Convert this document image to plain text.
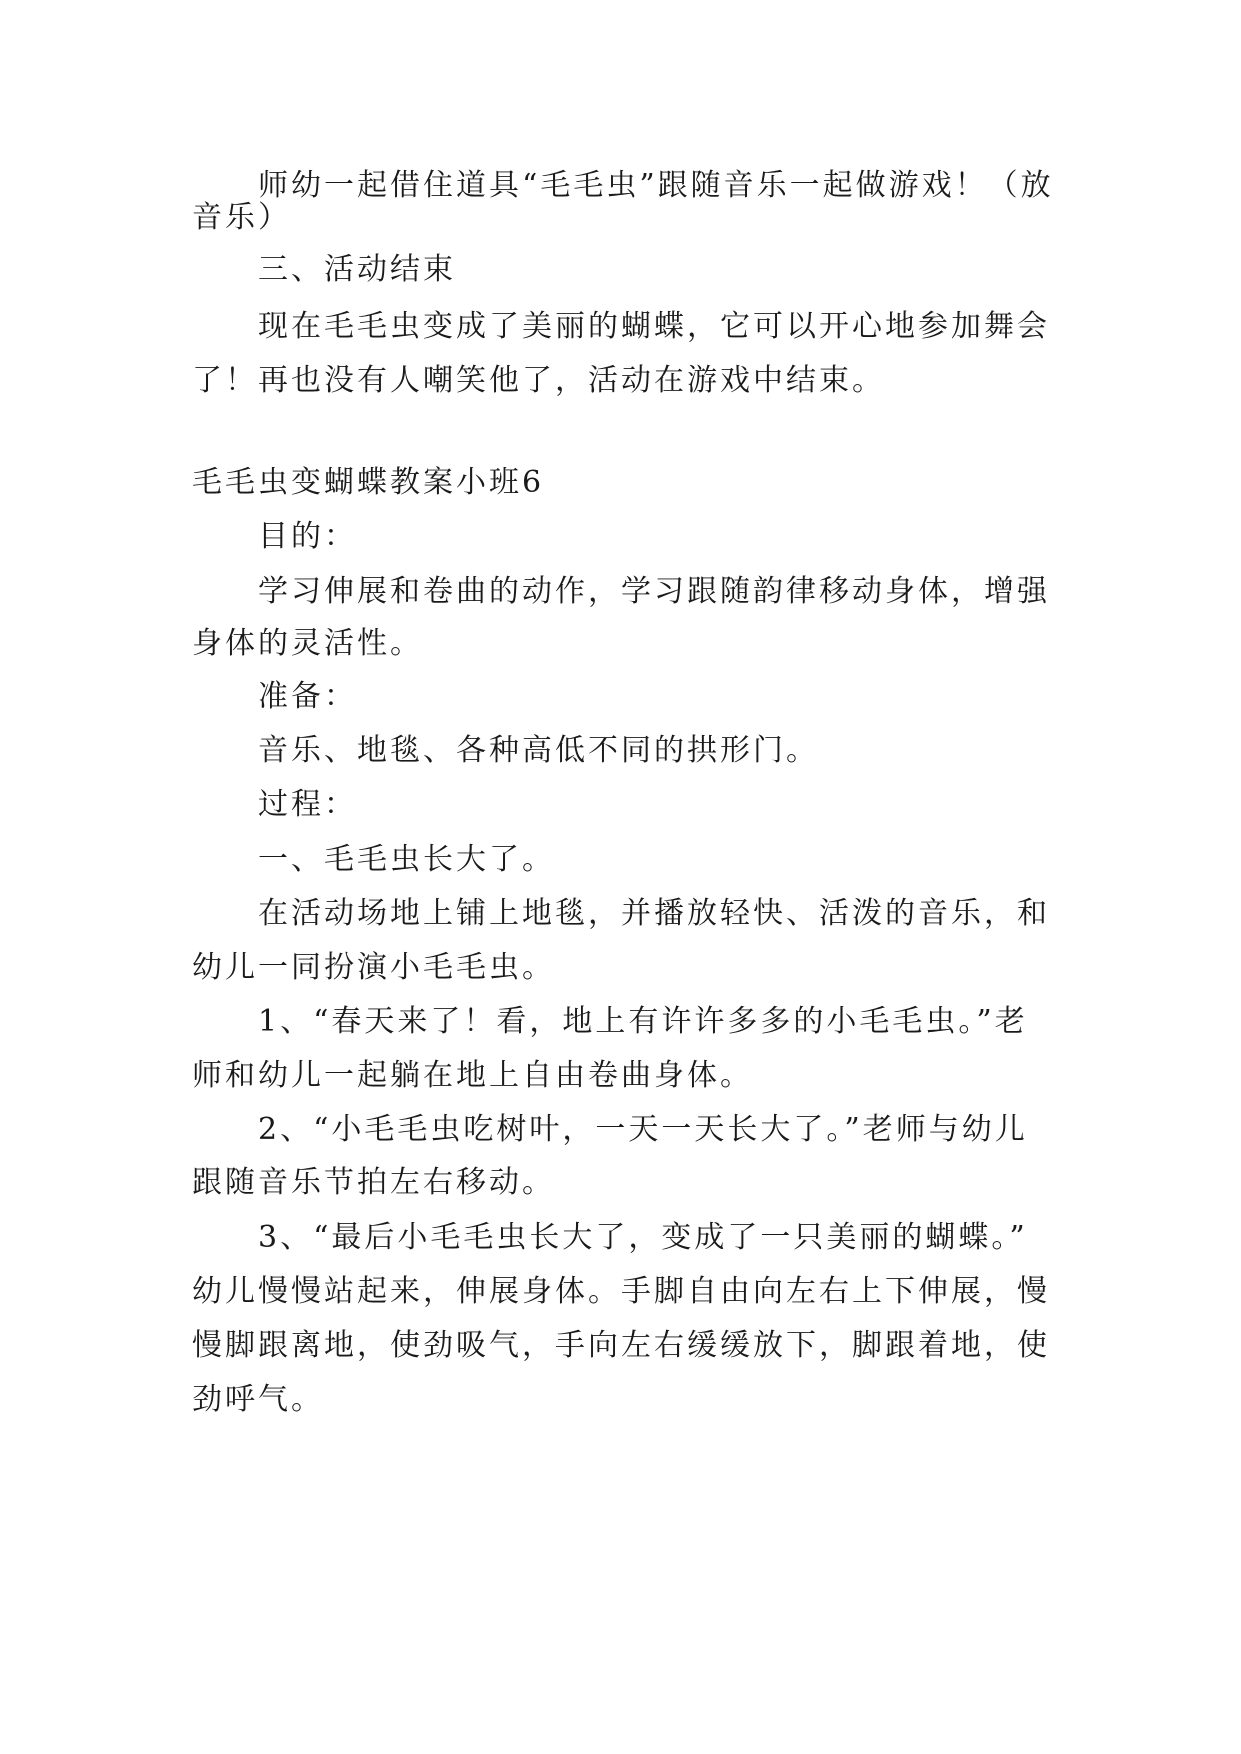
师幼一起借住道具“毛毛虫”跟随音乐一起做游戏！（放
音乐）
三、活动结束
现在毛毛虫变成了美丽的蝴蝶，它可以开心地参加舞会
了！再也没有人嘲笑他了，活动在游戏中结束。
毛毛虫变蝴蝶教案小班6
目的：
学习伸展和卷曲的动作，学习跟随韵律移动身体，增强
身体的灵活性。
准备：
音乐、地毯、各种高低不同的拱形门。
过程：
一、毛毛虫长大了。
在活动场地上铺上地毯，并播放轻快、活泼的音乐，和
幼儿一同扮演小毛毛虫。
1、“春天来了！看，地上有许许多多的小毛毛虫。”老
师和幼儿一起躺在地上自由卷曲身体。
2、“小毛毛虫吃树叶，一天一天长大了。”老师与幼儿
跟随音乐节拍左右移动。
3、“最后小毛毛虫长大了，变成了一只美丽的蝴蝶。”
幼儿慢慢站起来，伸展身体。手脚自由向左右上下伸展，慢
慢脚跟离地，使劲吸气，手向左右缓缓放下，脚跟着地，使
劲呼气。
